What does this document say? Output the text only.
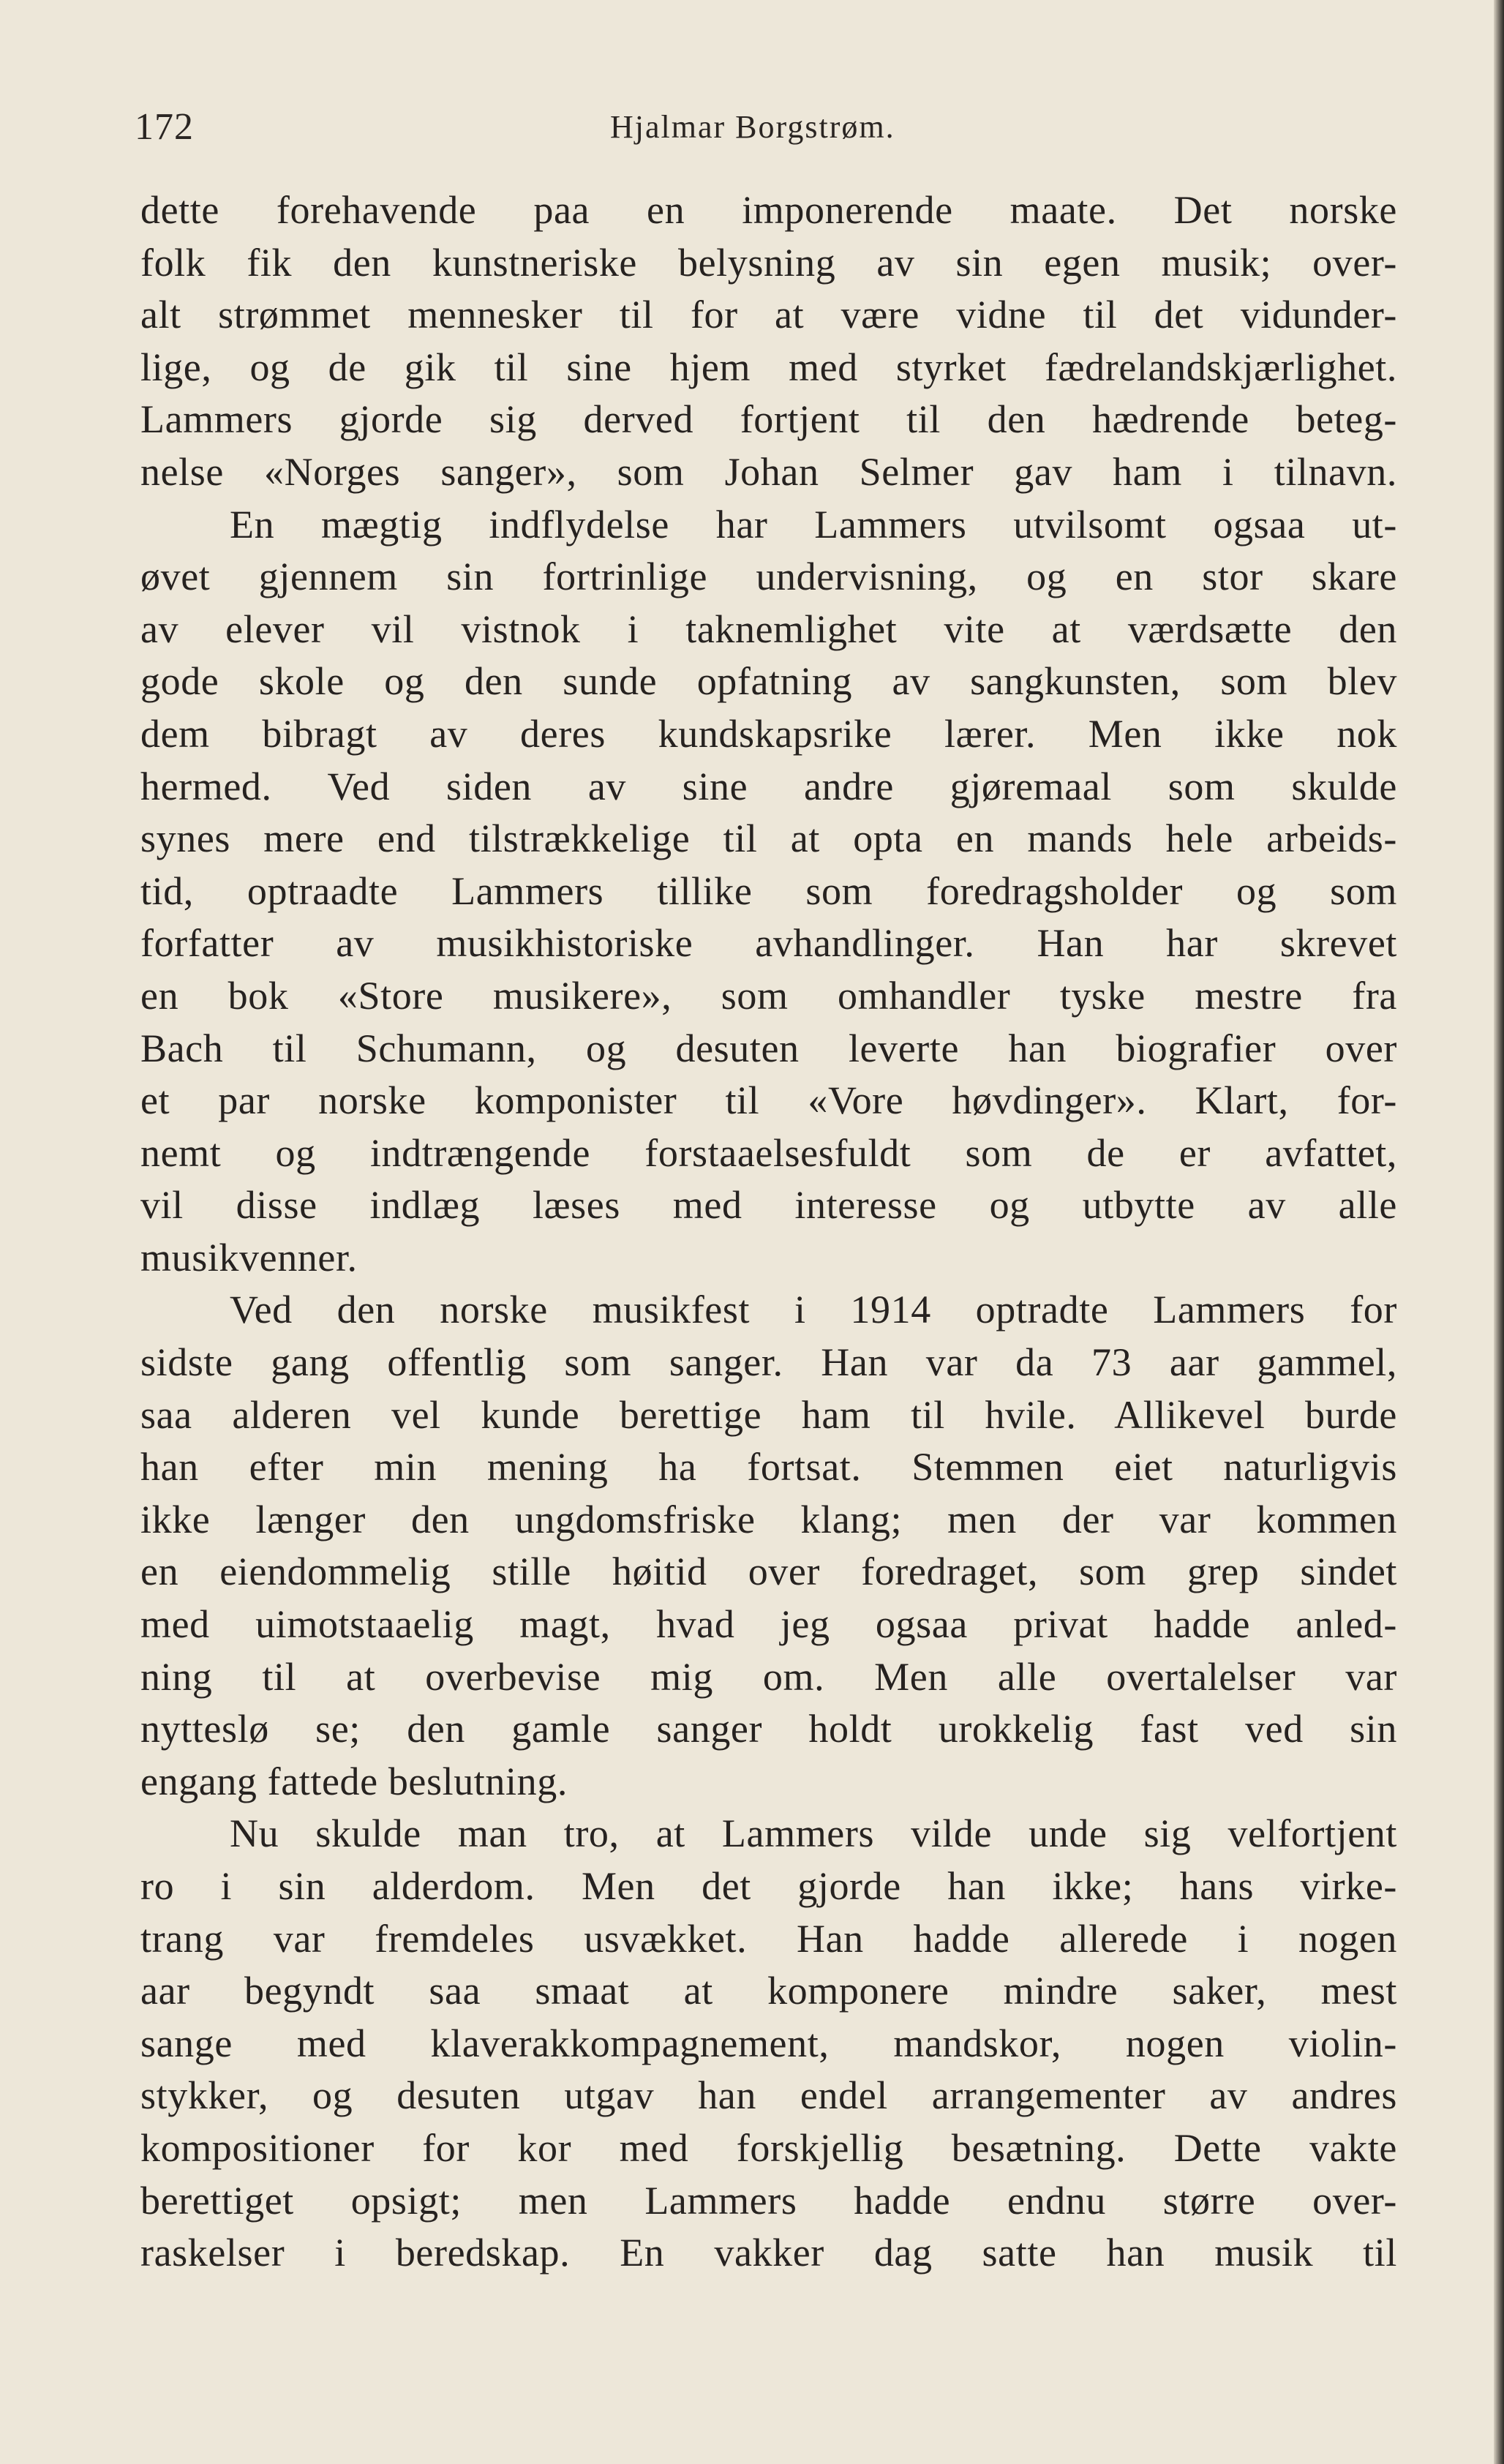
172	Hjalmar Borgstrøm.
dette forehavende paa en imponerende maate. Det norske
folk fik den kunstneriske belysning av sin egen musik; over-
alt strømmet mennesker til for at være vidne til det vidunder-
lige, og de gik til sine hjem med styrket fædrelandskjærlighet.
Lammers gjorde sig derved fortjent til den hædrende beteg-
nelse «Norges sanger», som Johan Selmer gav ham i tilnavn.
En mægtig indflydelse har Lammers utvilsomt ogsaa ut-
øvet gjennem sin fortrinlige undervisning, og en stor skare
av elever vil vistnok i taknemlighet vite at værdsætte den
gode skole og den sunde opfatning av sangkunsten, som blev
dem bibragt av deres kundskapsrike lærer. Men ikke nok
hermed. Ved siden av sine andre gjøremaal som skulde
synes mere end tilstrækkelige til at opta en mands hele arbeids-
tid, optraadte Lammers tillike som foredragsholder og som
forfatter av musikhistoriske avhandlinger. Han har skrevet
en bok «Store musikere», som omhandler tyske mestre fra
Bach til Schumann, og desuten leverte han biografier over
et par norske komponister til «Vore høvdinger». Klart, for-
nemt og indtrængende forstaaelsesfuldt som de er avfattet,
vil disse indlæg læses med interesse og utbytte av alle
musikvenner.
Ved den norske musikfest i 1914 optradte Lammers for
sidste gang offentlig som sanger. Han var da 73 aar gammel,
saa alderen vel kunde berettige ham til hvile. Allikevel burde
han efter min mening ha fortsat. Stemmen eiet naturligvis
ikke længer den ungdomsfriske klang; men der var kommen
en eiendommelig stille høitid over foredraget, som grep sindet
med uimotstaaelig magt, hvad jeg ogsaa privat hadde anled-
ning til at overbevise mig om. Men alle overtalelser var
nytteslø se; den gamle sanger holdt urokkelig fast ved sin
engang fattede beslutning.
Nu skulde man tro, at Lammers vilde unde sig velfortjent
ro i sin alderdom. Men det gjorde han ikke; hans virke-
trang var fremdeles usvækket. Han hadde allerede i nogen
aar begyndt saa smaat at komponere mindre saker, mest
sange med klaverakkompagnement, mandskor, nogen violin-
stykker, og desuten utgav han endel arrangementer av andres
kompositioner for kor med forskjellig besætning. Dette vakte
berettiget opsigt; men Lammers hadde endnu større over-
raskelser i beredskap. En vakker dag satte han musik til
